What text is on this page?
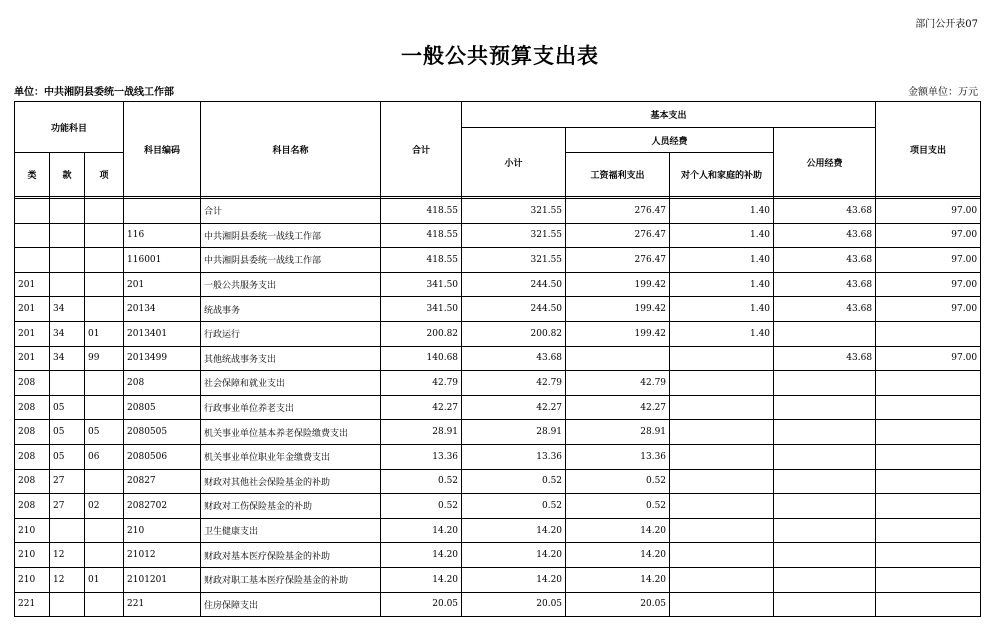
部门公开表07
一般公共预算支出表
单位：中共湘阴县委统一战线工作部	金额单位：万元
功能科目			科目编码	科目名称	合计	基本支出				项目支出
						小计	人员经费		公用经费	
类	款	项					工资福利支出	对个人和家庭的补助		

				合计	418.55	321.55	276.47	1.40	43.68	97.00
			116	中共湘阴县委统一战线工作部	418.55	321.55	276.47	1.40	43.68	97.00
			116001	中共湘阴县委统一战线工作部	418.55	321.55	276.47	1.40	43.68	97.00
201			201	一般公共服务支出	341.50	244.50	199.42	1.40	43.68	97.00
201	34		20134	统战事务	341.50	244.50	199.42	1.40	43.68	97.00
201	34	01	2013401	行政运行	200.82	200.82	199.42	1.40		
201	34	99	2013499	其他统战事务支出	140.68	43.68			43.68	97.00
208			208	社会保障和就业支出	42.79	42.79	42.79			
208	05		20805	行政事业单位养老支出	42.27	42.27	42.27			
208	05	05	2080505	机关事业单位基本养老保险缴费支出	28.91	28.91	28.91			
208	05	06	2080506	机关事业单位职业年金缴费支出	13.36	13.36	13.36			
208	27		20827	财政对其他社会保险基金的补助	0.52	0.52	0.52			
208	27	02	2082702	财政对工伤保险基金的补助	0.52	0.52	0.52			
210			210	卫生健康支出	14.20	14.20	14.20			
210	12		21012	财政对基本医疗保险基金的补助	14.20	14.20	14.20			
210	12	01	2101201	财政对职工基本医疗保险基金的补助	14.20	14.20	14.20			
221			221	住房保障支出	20.05	20.05	20.05			
